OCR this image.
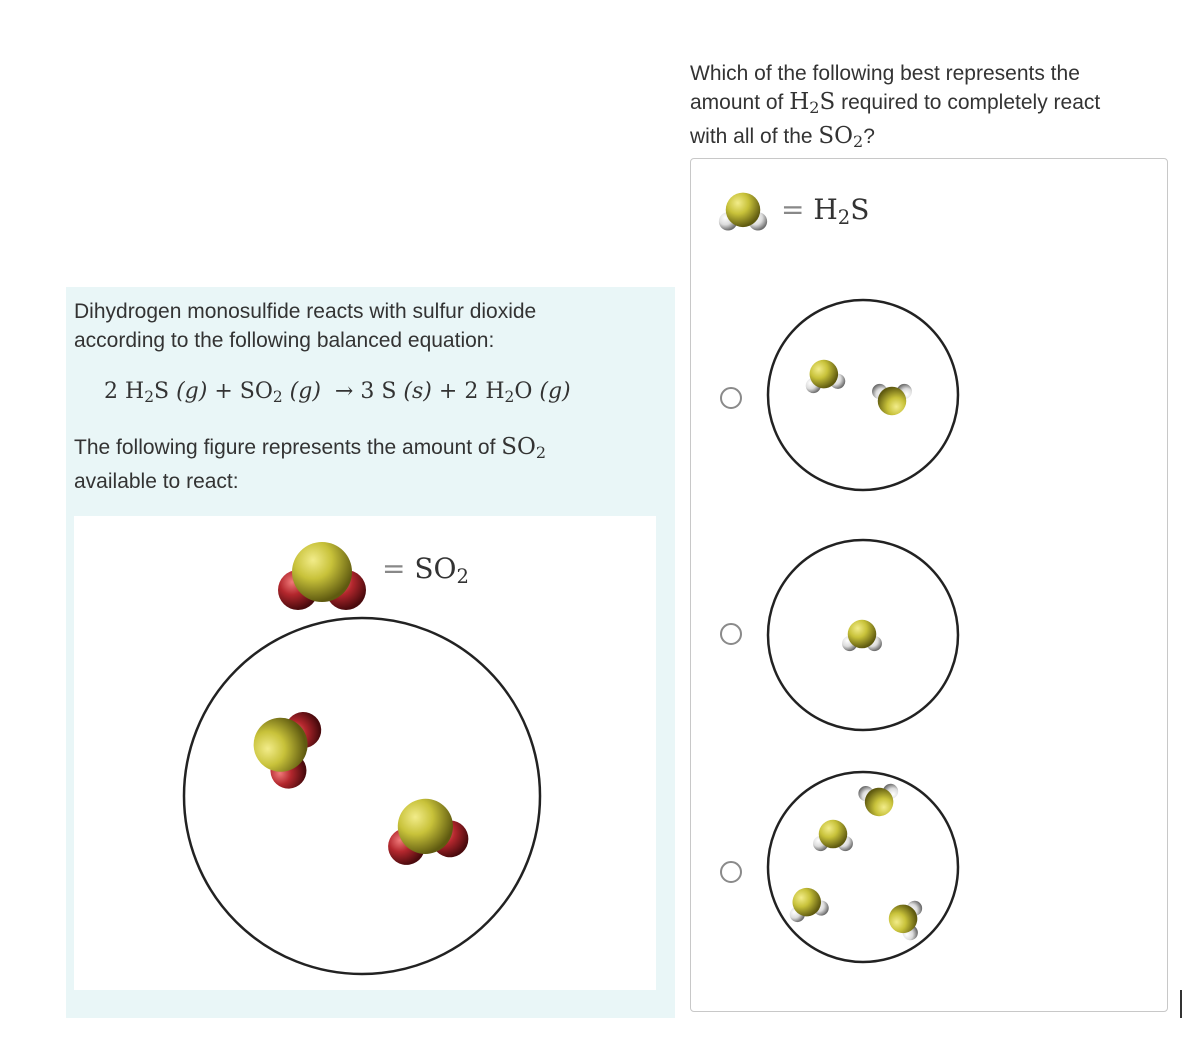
Dihydrogen monosulfide reacts with sulfur dioxide
according to the following balanced equation:
2 $H_2S$ $(g) + SO_2$ (g) → 3 S (s) + 2 $H_2O$ (g)
The following figure represents the amount of $SO_2$
available to react:
= $SO_2$
Which of the following best represents the
amount of $H_2S$ required to completely react
with all of the $SO_2$?
= $H_2S$
